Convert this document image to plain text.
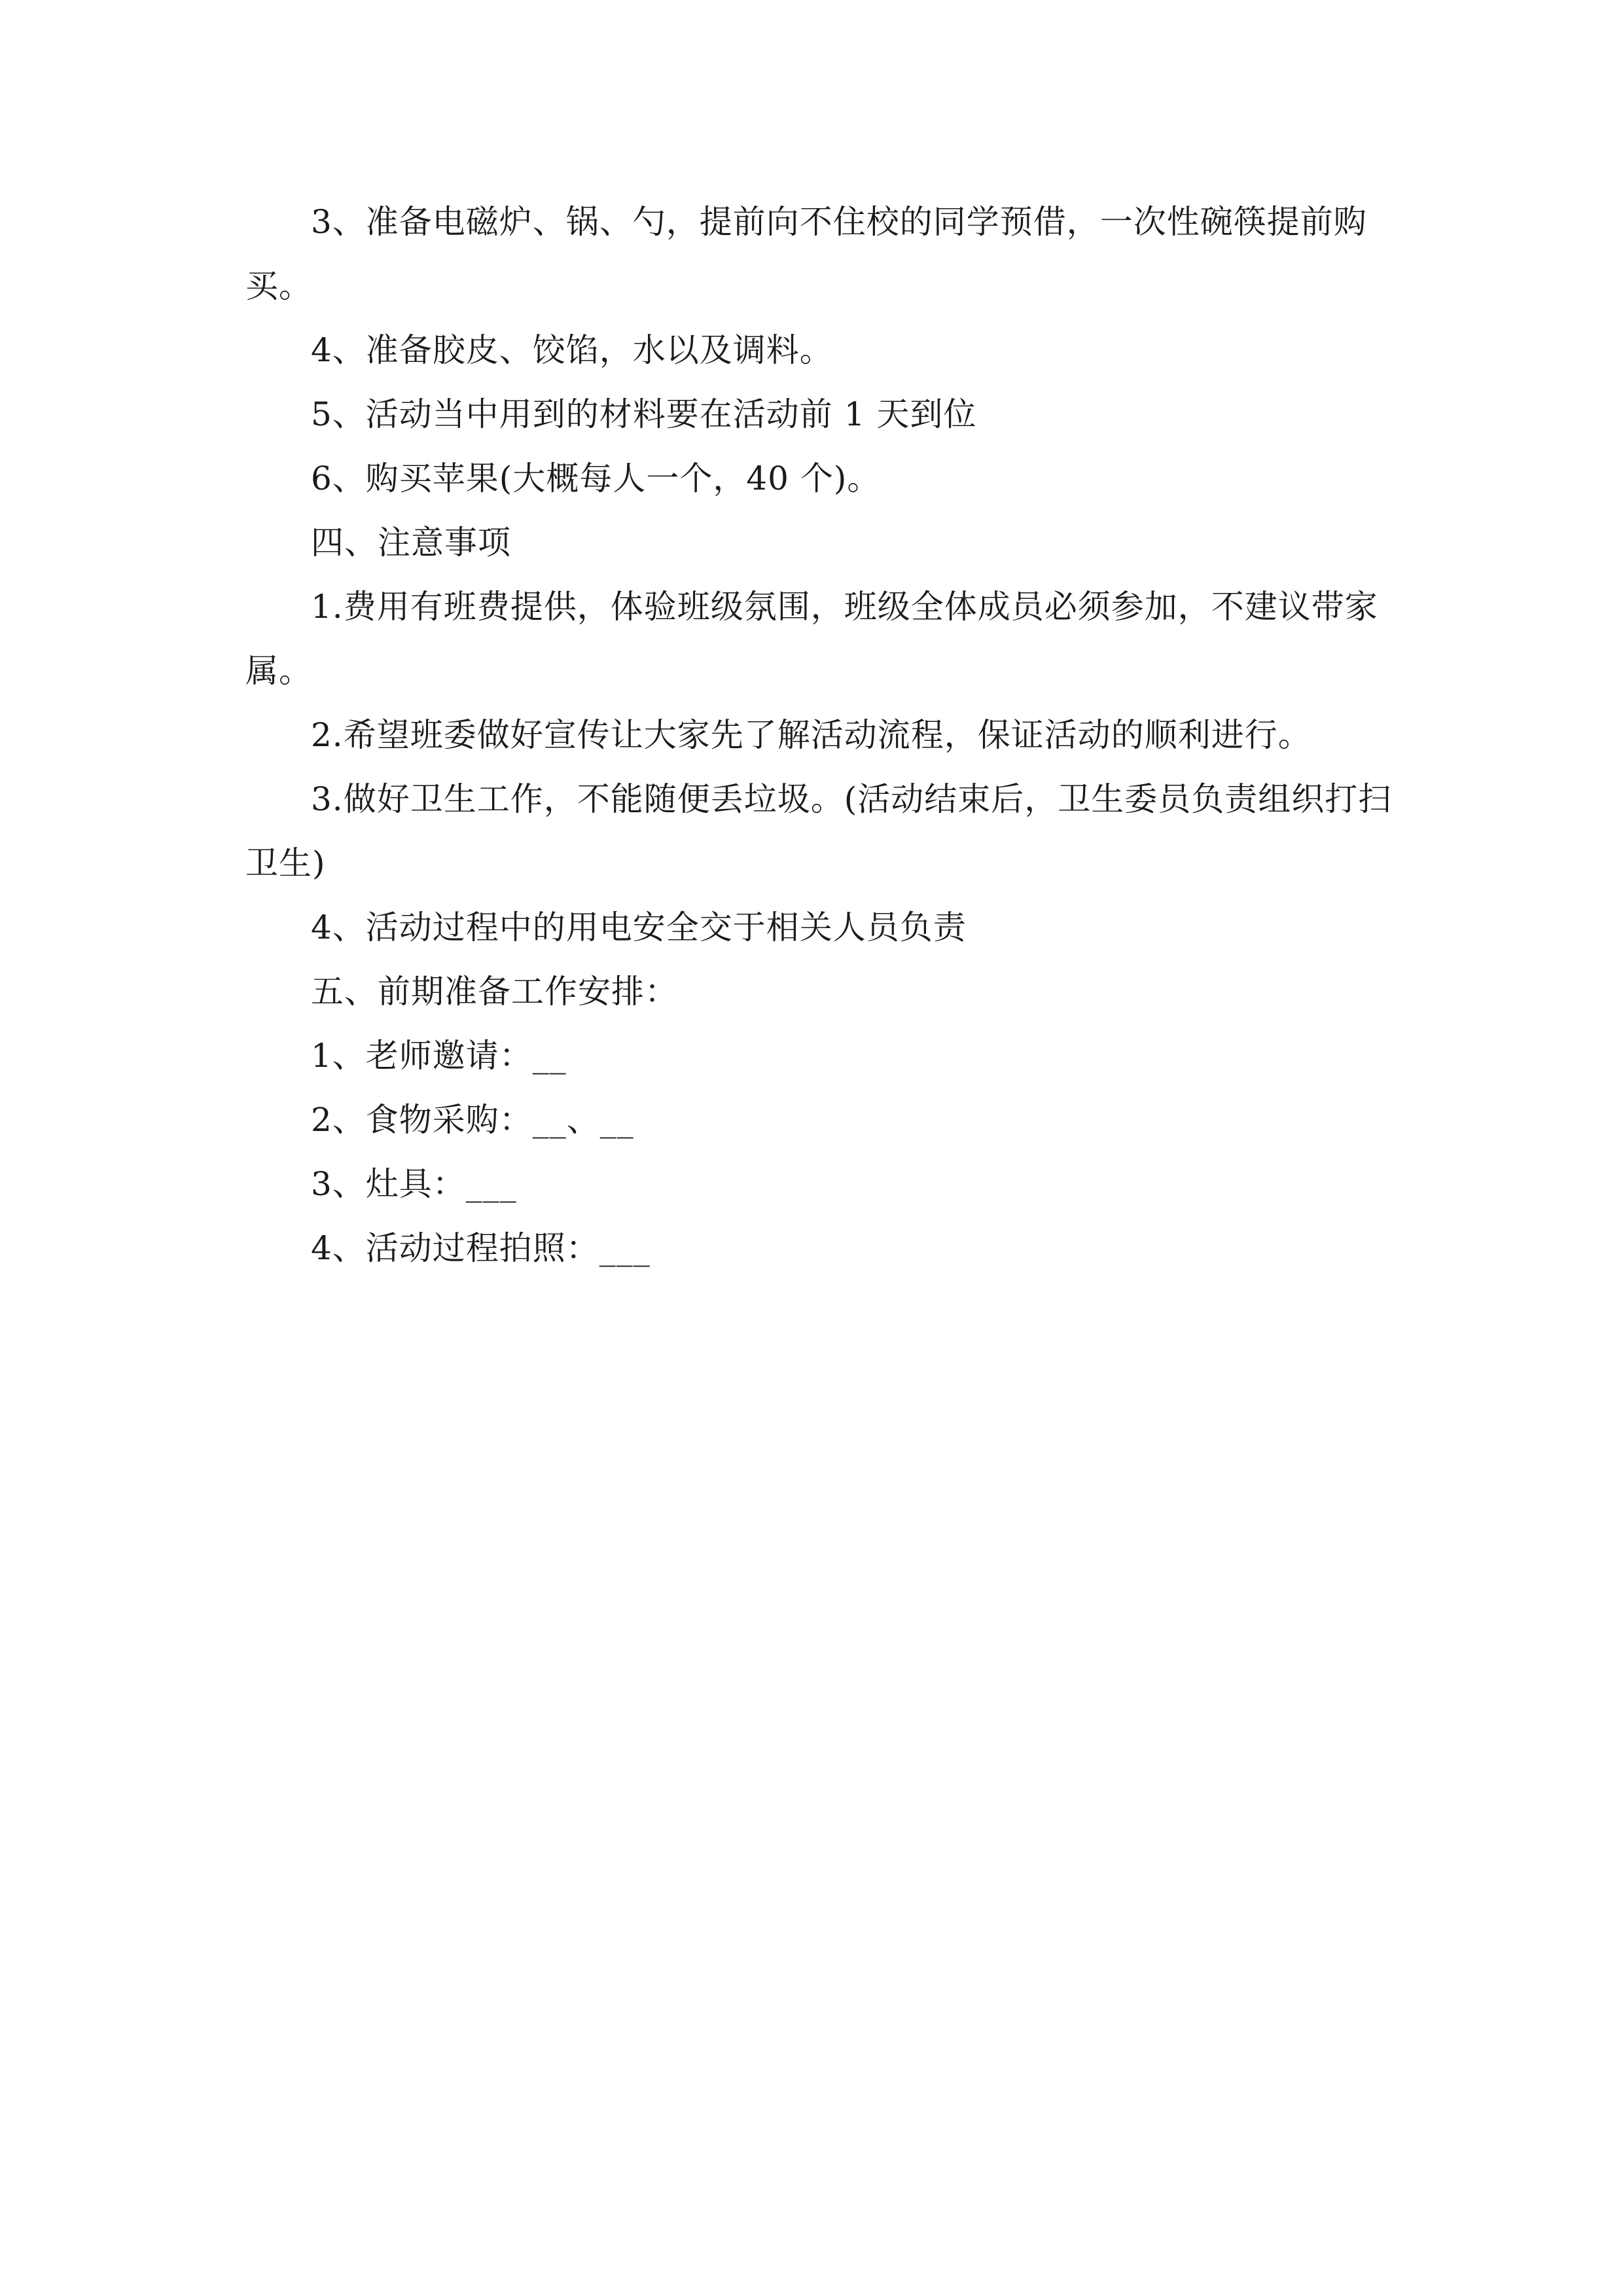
3、准备电磁炉、锅、勺，提前向不住校的同学预借，一次性碗筷提前购买。

4、准备胶皮、饺馅，水以及调料。

5、活动当中用到的材料要在活动前 1 天到位

6、购买苹果(大概每人一个，40 个)。

四、注意事项

1.费用有班费提供，体验班级氛围，班级全体成员必须参加，不建议带家属。

2.希望班委做好宣传让大家先了解活动流程，保证活动的顺利进行。

3.做好卫生工作，不能随便丢垃圾。(活动结束后，卫生委员负责组织打扫卫生)

4、活动过程中的用电安全交于相关人员负责

五、前期准备工作安排：

1、老师邀请：__

2、食物采购：__、__

3、灶具：___

4、活动过程拍照：___
